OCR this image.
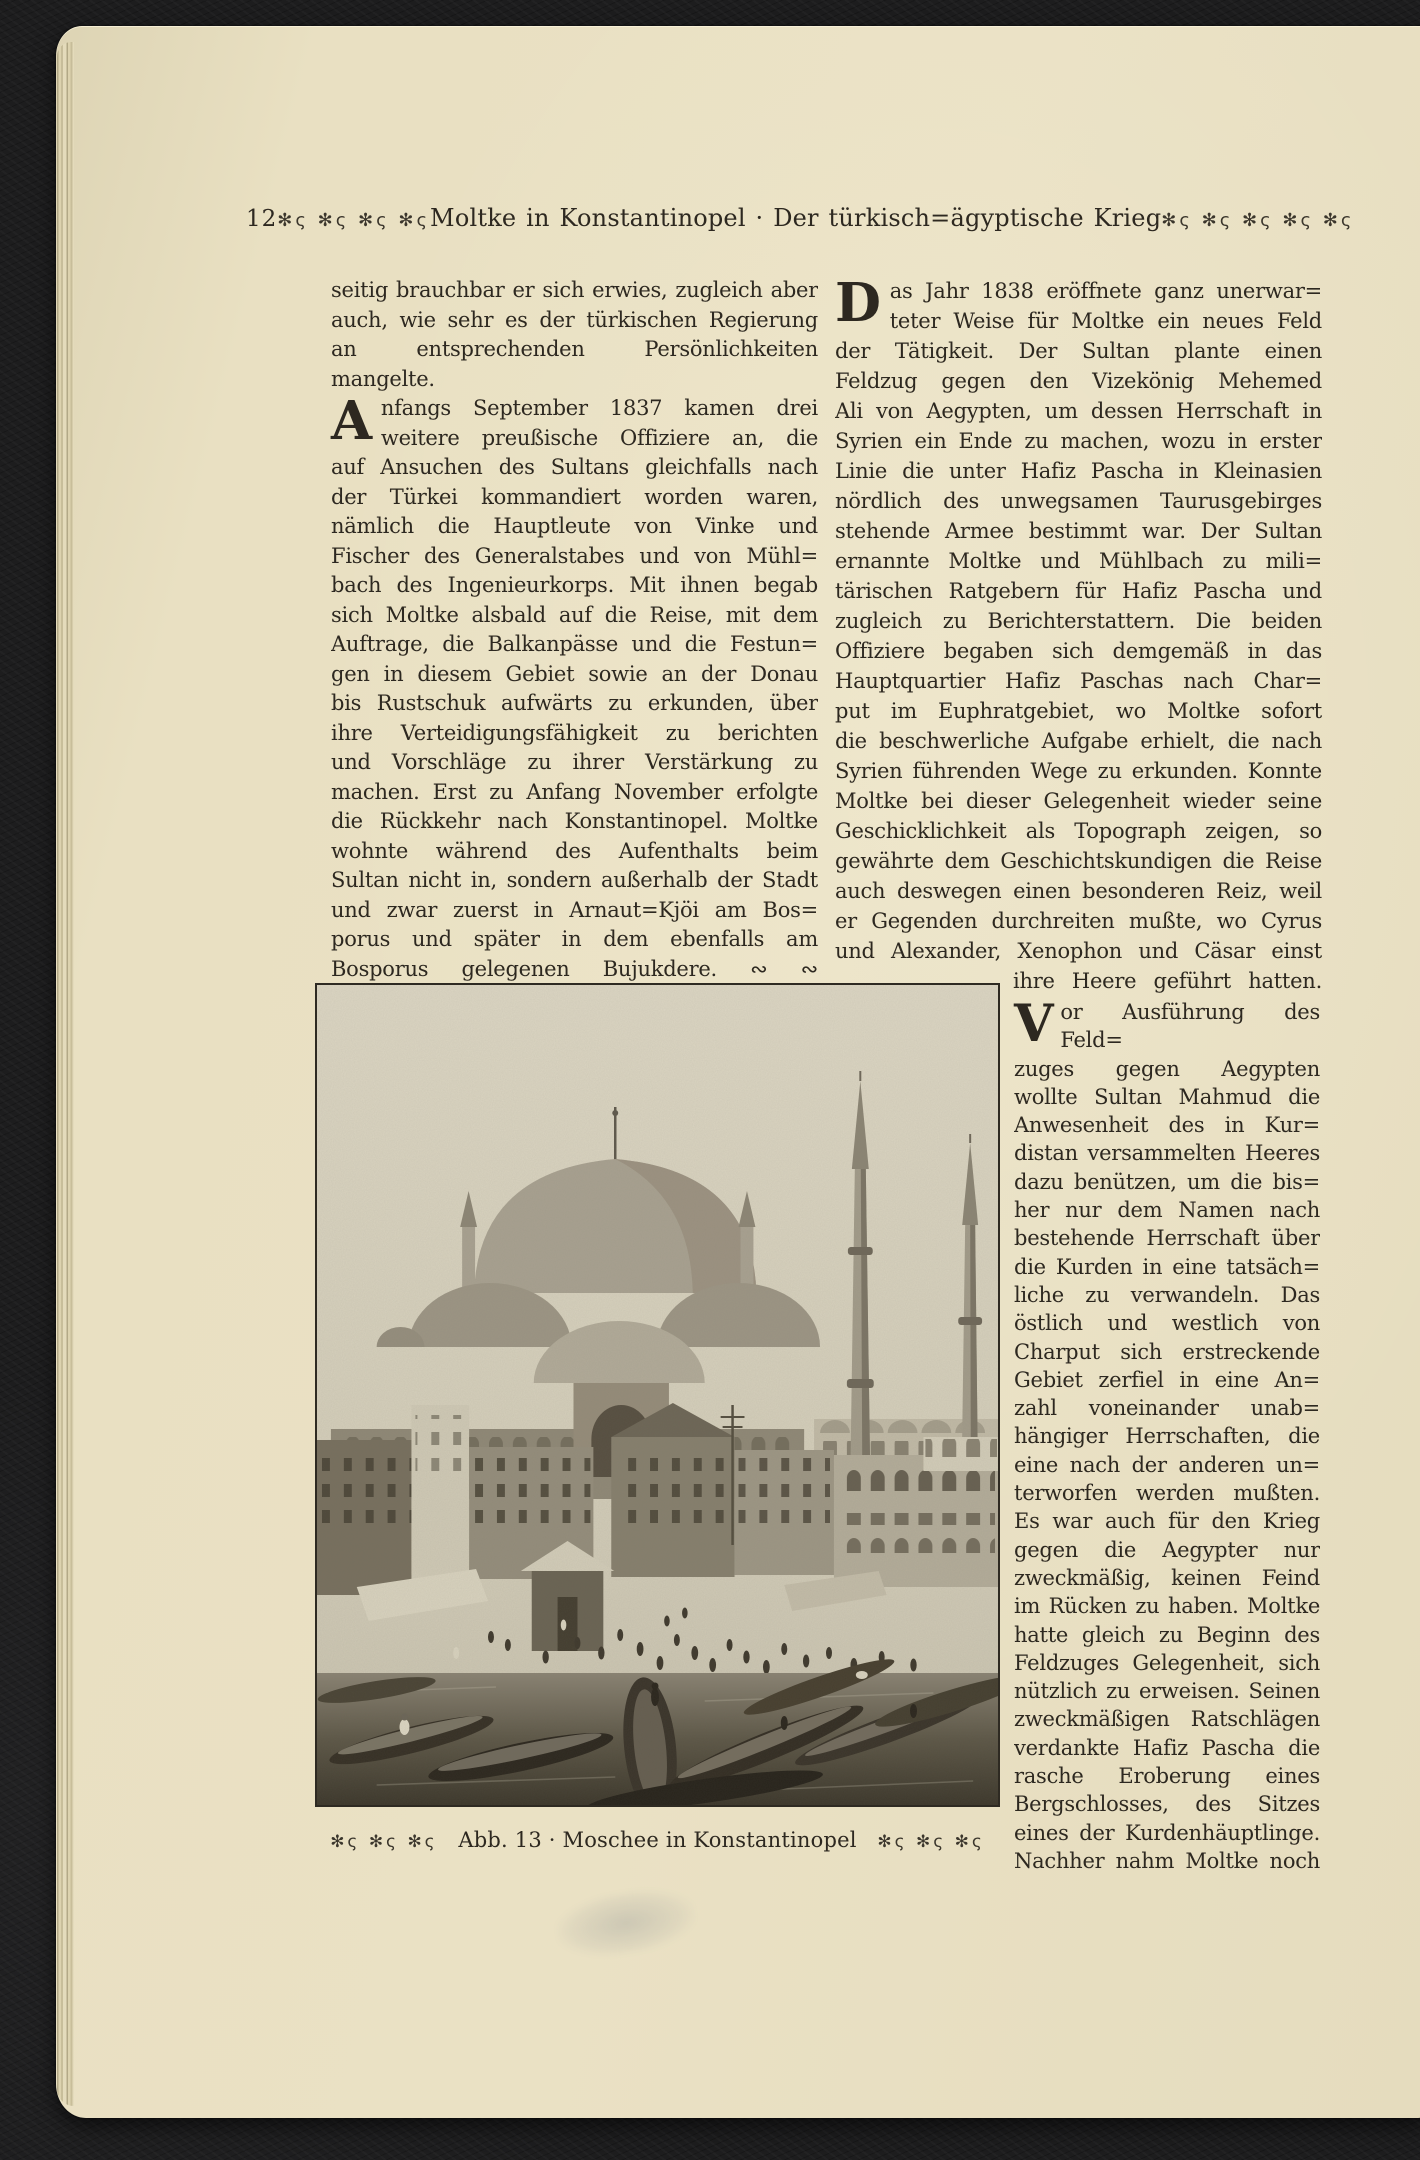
12 ✻ς ✻ς ✻ς ✻ς Moltke in Konstantinopel · Der türkisch=ägyptische Krieg ✻ς ✻ς ✻ς ✻ς ✻ς
seitig brauchbar er sich erwies, zugleich aber
auch, wie sehr es der türkischen Regierung
an entsprechenden Persönlichkeiten mangelte.
A nfangs September 1837 kamen drei
weitere preußische Offiziere an, die
auf Ansuchen des Sultans gleichfalls nach
der Türkei kommandiert worden waren,
nämlich die Hauptleute von Vinke und
Fischer des Generalstabes und von Mühl=
bach des Ingenieurkorps. Mit ihnen begab
sich Moltke alsbald auf die Reise, mit dem
Auftrage, die Balkanpässe und die Festun=
gen in diesem Gebiet sowie an der Donau
bis Rustschuk aufwärts zu erkunden, über
ihre Verteidigungsfähigkeit zu berichten
und Vorschläge zu ihrer Verstärkung zu
machen. Erst zu Anfang November erfolgte
die Rückkehr nach Konstantinopel. Moltke
wohnte während des Aufenthalts beim
Sultan nicht in, sondern außerhalb der Stadt
und zwar zuerst in Arnaut=Kjöi am Bos=
porus und später in dem ebenfalls am
Bosporus gelegenen Bujukdere. ∾ ∾
D as Jahr 1838 eröffnete ganz unerwar=
teter Weise für Moltke ein neues Feld
der Tätigkeit. Der Sultan plante einen
Feldzug gegen den Vizekönig Mehemed
Ali von Aegypten, um dessen Herrschaft in
Syrien ein Ende zu machen, wozu in erster
Linie die unter Hafiz Pascha in Kleinasien
nördlich des unwegsamen Taurusgebirges
stehende Armee bestimmt war. Der Sultan
ernannte Moltke und Mühlbach zu mili=
tärischen Ratgebern für Hafiz Pascha und
zugleich zu Berichterstattern. Die beiden
Offiziere begaben sich demgemäß in das
Hauptquartier Hafiz Paschas nach Char=
put im Euphratgebiet, wo Moltke sofort
die beschwerliche Aufgabe erhielt, die nach
Syrien führenden Wege zu erkunden. Konnte
Moltke bei dieser Gelegenheit wieder seine
Geschicklichkeit als Topograph zeigen, so
gewährte dem Geschichtskundigen die Reise
auch deswegen einen besonderen Reiz, weil
er Gegenden durchreiten mußte, wo Cyrus
und Alexander, Xenophon und Cäsar einst
ihre Heere geführt hatten.
V or Ausführung des Feld=
zuges gegen Aegypten
wollte Sultan Mahmud die
Anwesenheit des in Kur=
distan versammelten Heeres
dazu benützen, um die bis=
her nur dem Namen nach
bestehende Herrschaft über
die Kurden in eine tatsäch=
liche zu verwandeln. Das
östlich und westlich von
Charput sich erstreckende
Gebiet zerfiel in eine An=
zahl voneinander unab=
hängiger Herrschaften, die
eine nach der anderen un=
terworfen werden mußten.
Es war auch für den Krieg
gegen die Aegypter nur
zweckmäßig, keinen Feind
im Rücken zu haben. Moltke
hatte gleich zu Beginn des
Feldzuges Gelegenheit, sich
nützlich zu erweisen. Seinen
zweckmäßigen Ratschlägen
verdankte Hafiz Pascha die
rasche Eroberung eines
Bergschlosses, des Sitzes
eines der Kurdenhäuptlinge.
Nachher nahm Moltke noch
✻ς ✻ς ✻ς Abb. 13 · Moschee in Konstantinopel ✻ς ✻ς ✻ς
